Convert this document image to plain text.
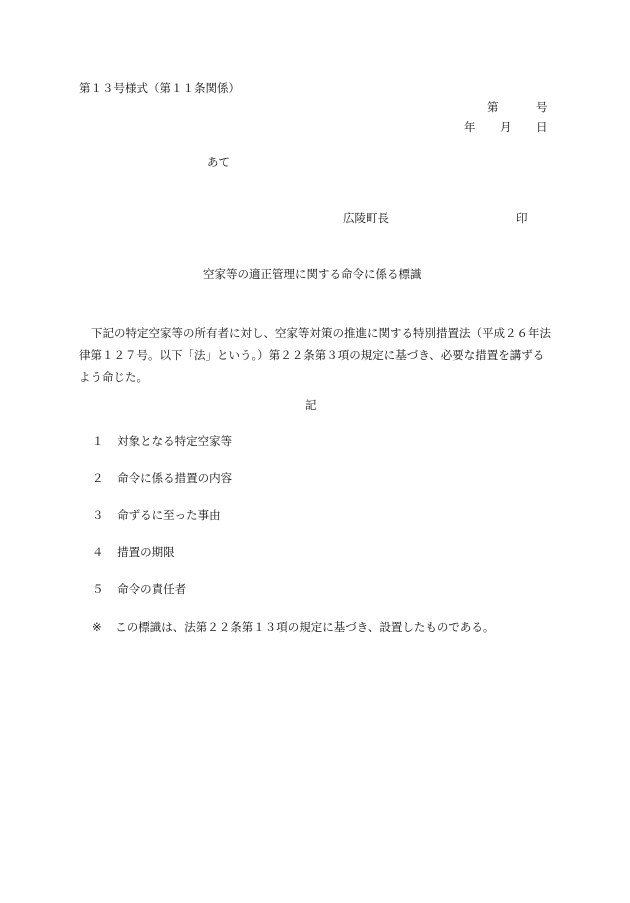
第１３号様式（第１１条関係）
第	号
年 月 日
あて
広陵町長	印
空家等の適正管理に関する命令に係る標識
下記の特定空家等の所有者に対し、空家等対策の推進に関する特別措置法（平成２６年法律第１２７号。以下「法」という。）第２２条第３項の規定に基づき、必要な措置を講ずるよう命じた。
記
１ 対象となる特定空家等
２ 命令に係る措置の内容
３ 命ずるに至った事由
４ 措置の期限
５ 命令の責任者
※ この標識は、法第２２条第１３項の規定に基づき、設置したものである。
